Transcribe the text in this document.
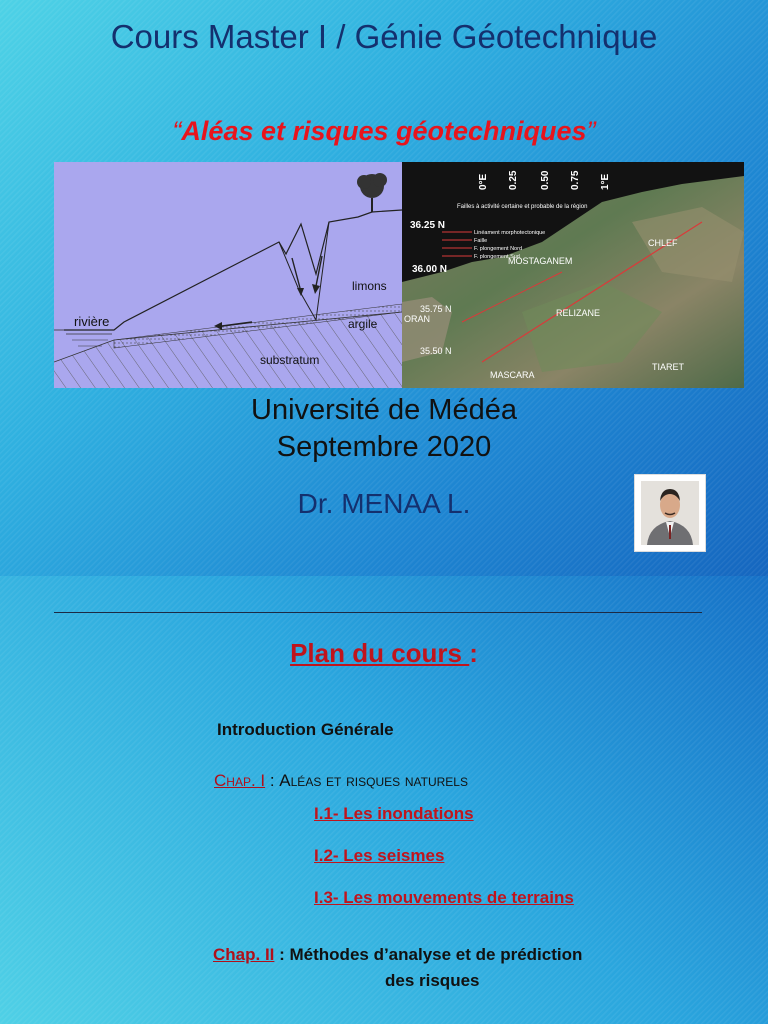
Cours Master I / Génie Géotechnique
“Aléas et risques géotechniques”
rivière
limons
argile
substratum
Failles à activité certaine et probable de la région
Linéament morphotectonique
Faille
F. plongement Nord
F. plongement Sud
36.25 N
36.00 N
35.75 N
35.50 N
0°E 0.25 0.50 0.75 1°E
CHLEF
MOSTAGANEM
ORAN
RELIZANE
MASCARA
TIARET
Université de Médéa
Septembre 2020
Dr. MENAA L.
Plan du cours :
Introduction Générale
Chap. I : Aléas et risques naturels
I.1- Les inondations
I.2- Les seismes
I.3- Les mouvements de terrains
Chap. II : Méthodes d’analyse et de prédiction
des risques
